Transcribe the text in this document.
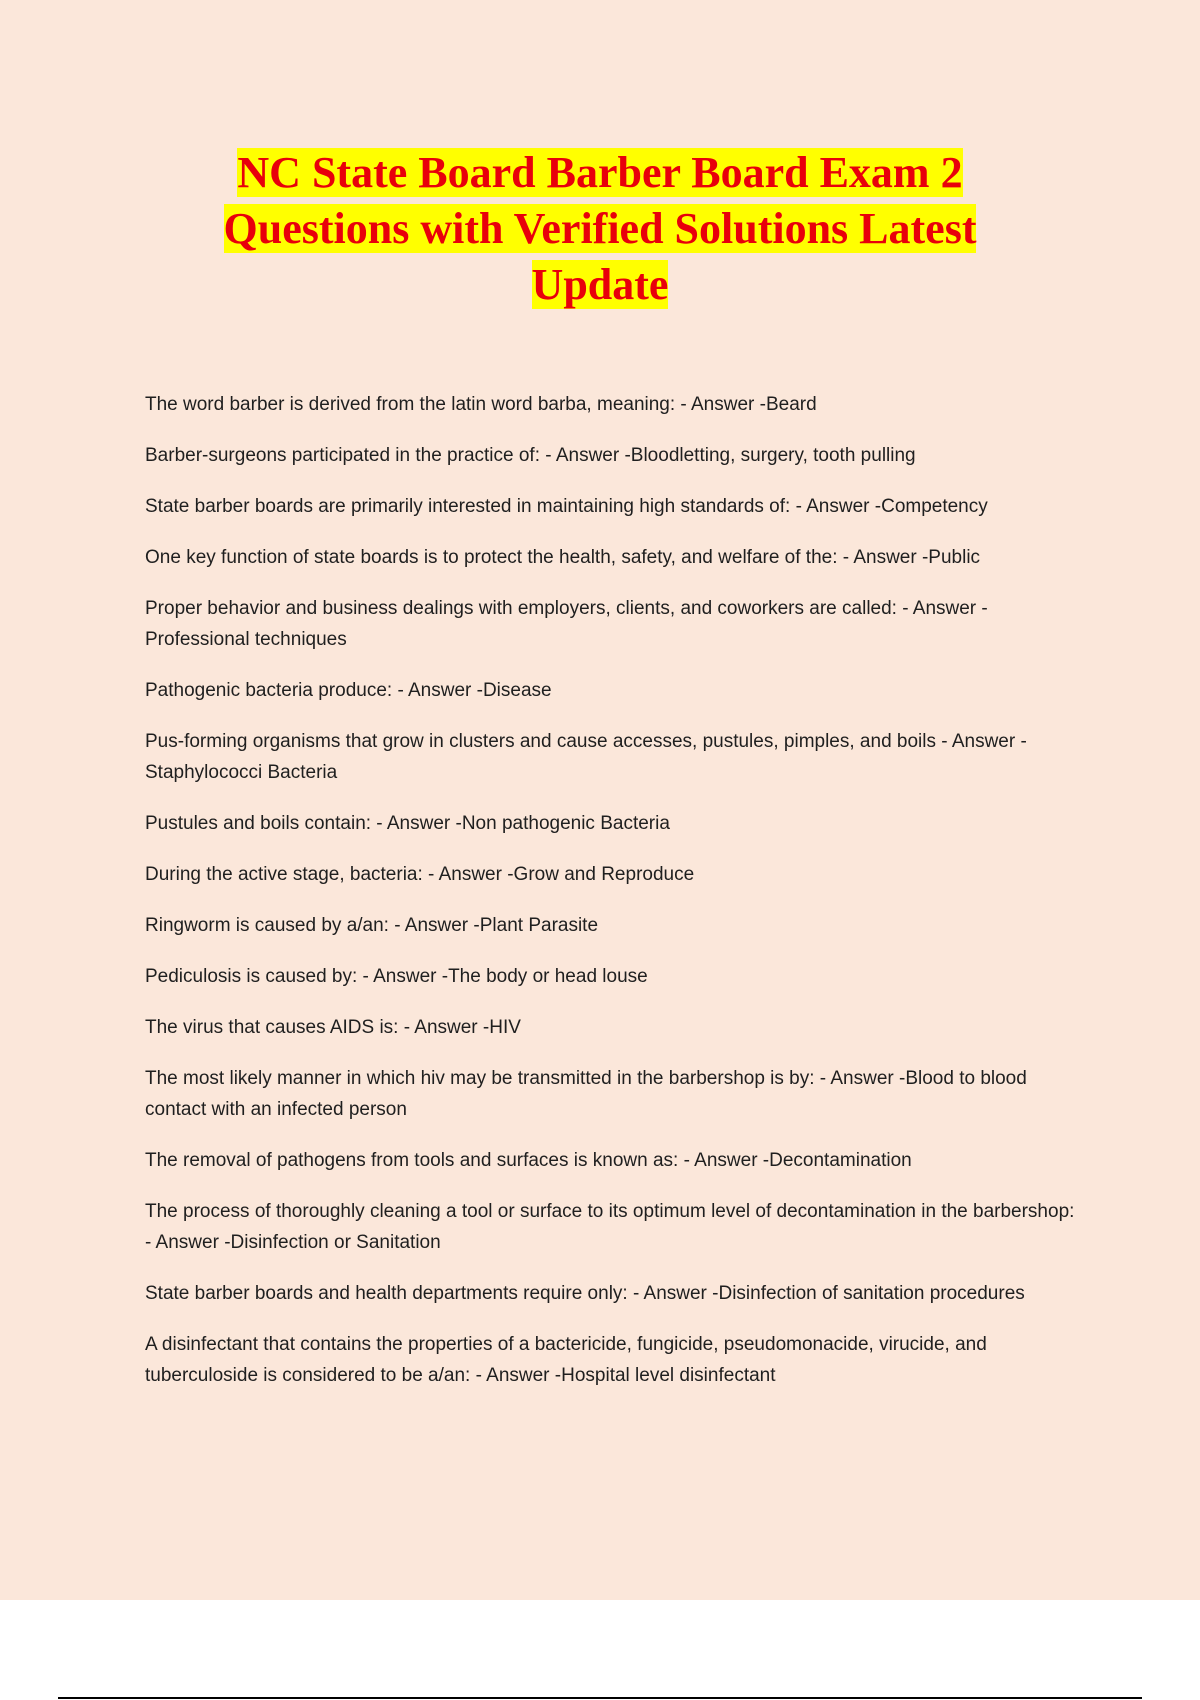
NC State Board Barber Board Exam 2 Questions with Verified Solutions Latest Update
The word barber is derived from the latin word barba, meaning: - Answer -Beard
Barber-surgeons participated in the practice of: - Answer -Bloodletting, surgery, tooth pulling
State barber boards are primarily interested in maintaining high standards of: - Answer -Competency
One key function of state boards is to protect the health, safety, and welfare of the: - Answer -Public
Proper behavior and business dealings with employers, clients, and coworkers are called: - Answer -Professional techniques
Pathogenic bacteria produce: - Answer -Disease
Pus-forming organisms that grow in clusters and cause accesses, pustules, pimples, and boils - Answer -Staphylococci Bacteria
Pustules and boils contain: - Answer -Non pathogenic Bacteria
During the active stage, bacteria: - Answer -Grow and Reproduce
Ringworm is caused by a/an: - Answer -Plant Parasite
Pediculosis is caused by: - Answer -The body or head louse
The virus that causes AIDS is: - Answer -HIV
The most likely manner in which hiv may be transmitted in the barbershop is by: - Answer -Blood to blood contact with an infected person
The removal of pathogens from tools and surfaces is known as: - Answer -Decontamination
The process of thoroughly cleaning a tool or surface to its optimum level of decontamination in the barbershop: - Answer -Disinfection or Sanitation
State barber boards and health departments require only: - Answer -Disinfection of sanitation procedures
A disinfectant that contains the properties of a bactericide, fungicide, pseudomonacide, virucide, and tuberculoside is considered to be a/an: - Answer -Hospital level disinfectant
